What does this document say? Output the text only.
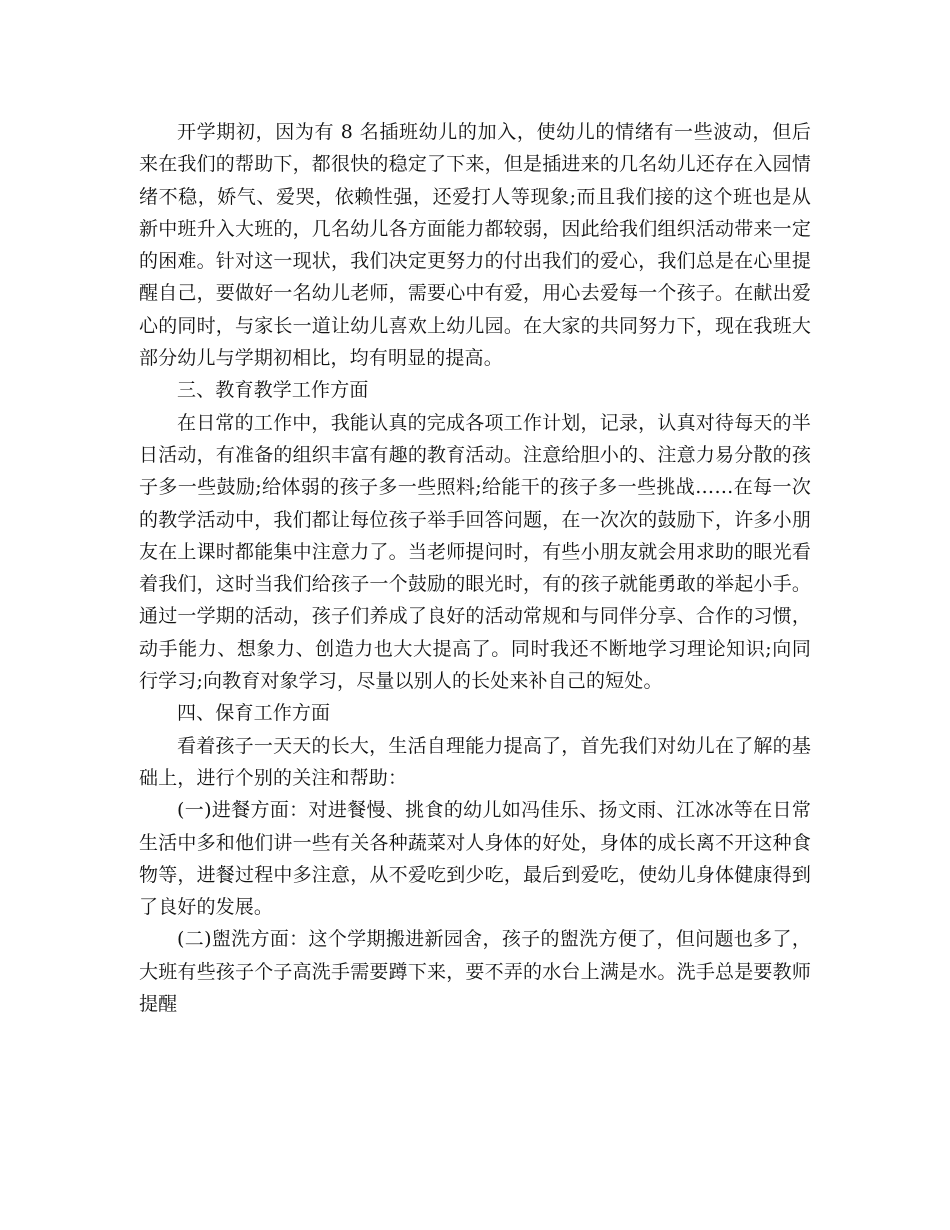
开学期初，因为有 8 名插班幼儿的加入，使幼儿的情绪有一些波动，但后来在我们的帮助下，都很快的稳定了下来，但是插进来的几名幼儿还存在入园情绪不稳，娇气、爱哭，依赖性强，还爱打人等现象;而且我们接的这个班也是从新中班升入大班的，几名幼儿各方面能力都较弱，因此给我们组织活动带来一定的困难。针对这一现状，我们决定更努力的付出我们的爱心，我们总是在心里提醒自己，要做好一名幼儿老师，需要心中有爱，用心去爱每一个孩子。在献出爱心的同时，与家长一道让幼儿喜欢上幼儿园。在大家的共同努力下，现在我班大部分幼儿与学期初相比，均有明显的提高。

三、教育教学工作方面

在日常的工作中，我能认真的完成各项工作计划，记录，认真对待每天的半日活动，有准备的组织丰富有趣的教育活动。注意给胆小的、注意力易分散的孩子多一些鼓励;给体弱的孩子多一些照料;给能干的孩子多一些挑战……在每一次的教学活动中，我们都让每位孩子举手回答问题，在一次次的鼓励下，许多小朋友在上课时都能集中注意力了。当老师提问时，有些小朋友就会用求助的眼光看着我们，这时当我们给孩子一个鼓励的眼光时，有的孩子就能勇敢的举起小手。通过一学期的活动，孩子们养成了良好的活动常规和与同伴分享、合作的习惯，动手能力、想象力、创造力也大大提高了。同时我还不断地学习理论知识;向同行学习;向教育对象学习，尽量以别人的长处来补自己的短处。

四、保育工作方面

看着孩子一天天的长大，生活自理能力提高了，首先我们对幼儿在了解的基础上，进行个别的关注和帮助：

(一)进餐方面：对进餐慢、挑食的幼儿如冯佳乐、扬文雨、江冰冰等在日常生活中多和他们讲一些有关各种蔬菜对人身体的好处，身体的成长离不开这种食物等，进餐过程中多注意，从不爱吃到少吃，最后到爱吃，使幼儿身体健康得到了良好的发展。

(二)盥洗方面：这个学期搬进新园舍，孩子的盥洗方便了，但问题也多了，大班有些孩子个子高洗手需要蹲下来，要不弄的水台上满是水。洗手总是要教师提醒
